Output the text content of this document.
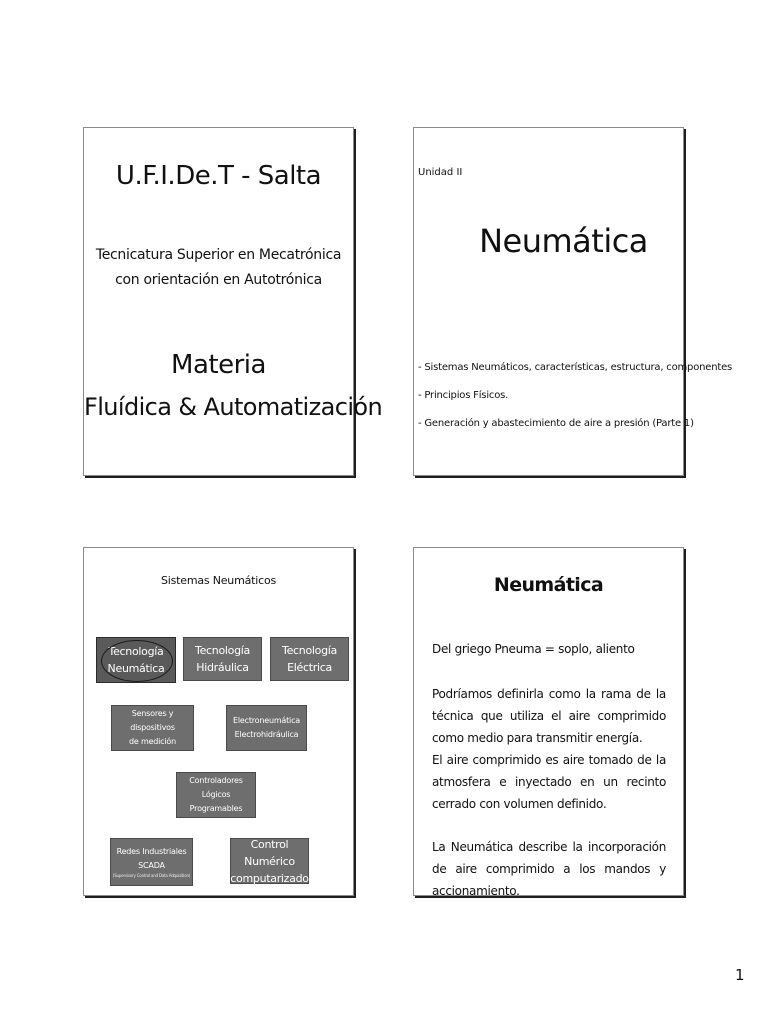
U.F.I.De.T - Salta
Tecnicatura Superior en Mecatrónica
con orientación en Autotrónica
Materia
Fluídica & Automatización
Unidad II
Neumática
- Sistemas Neumáticos, características, estructura, componentes
- Principios Físicos.
- Generación y abastecimiento de aire a presión (Parte 1)
Sistemas Neumáticos
Tecnología
Neumática
Tecnología
Hidráulica
Tecnología
Eléctrica
Sensores y dispositivos
de medición
Electroneumática
Electrohidráulica
Controladores
Lógicos Programables
Redes Industriales
SCADA
(Supervisory Control and Data Adquisition)
Control Numérico
computarizado
Neumática
Del griego Pneuma = soplo, aliento
Podríamos definirla como la rama de la técnica que utiliza el aire comprimido como medio para transmitir energía.
El aire comprimido es aire tomado de la atmosfera e inyectado en un recinto cerrado con volumen definido.
La Neumática describe la incorporación de aire comprimido a los mandos y accionamiento.
1
